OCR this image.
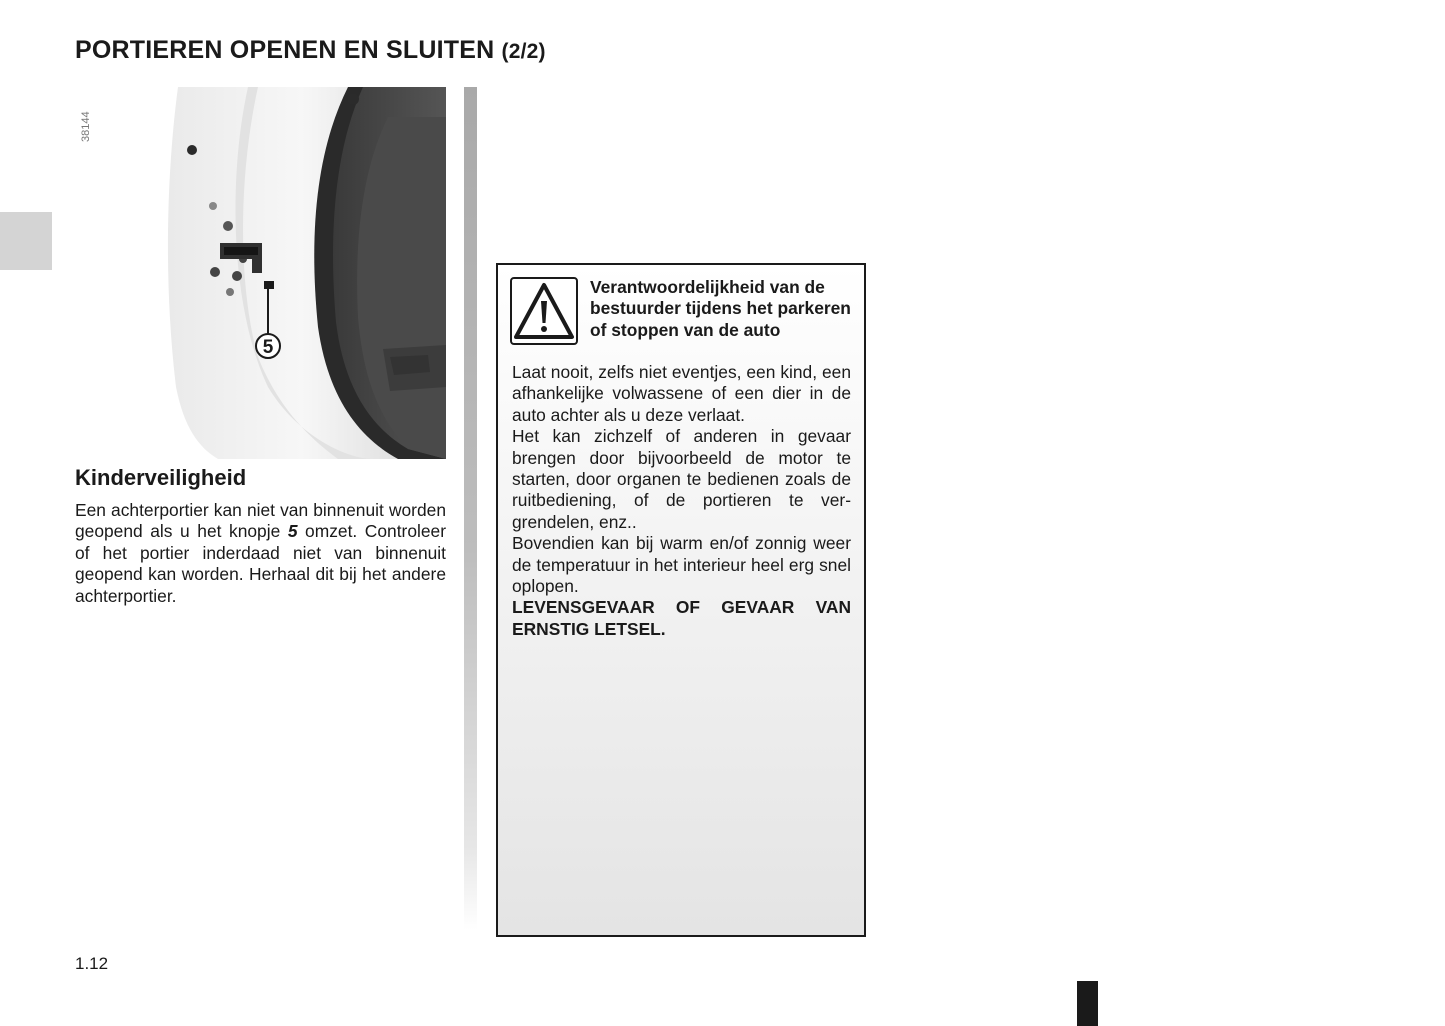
PORTIEREN OPENEN EN SLUITEN (2/2)
38144
5
Kinderveiligheid

Een achterportier kan niet van binnenuit worden geopend als u het knopje 5 omzet. Controleer of het portier inderdaad niet van binnenuit geopend kan worden. Herhaal dit bij het andere achterportier.

Verantwoordelijkheid van de bestuurder tijdens het parkeren of stoppen van de auto

Laat nooit, zelfs niet eventjes, een kind, een afhankelijke volwassene of een dier in de auto achter als u deze verlaat.

Het kan zichzelf of anderen in gevaar brengen door bijvoorbeeld de motor te starten, door organen te bedienen zoals de ruitbediening, of de portieren te ver-grendelen, enz..

Bovendien kan bij warm en/of zonnig weer de temperatuur in het interieur heel erg snel oplopen.

LEVENSGEVAAR OF GEVAAR VAN ERNSTIG LETSEL.

1.12
